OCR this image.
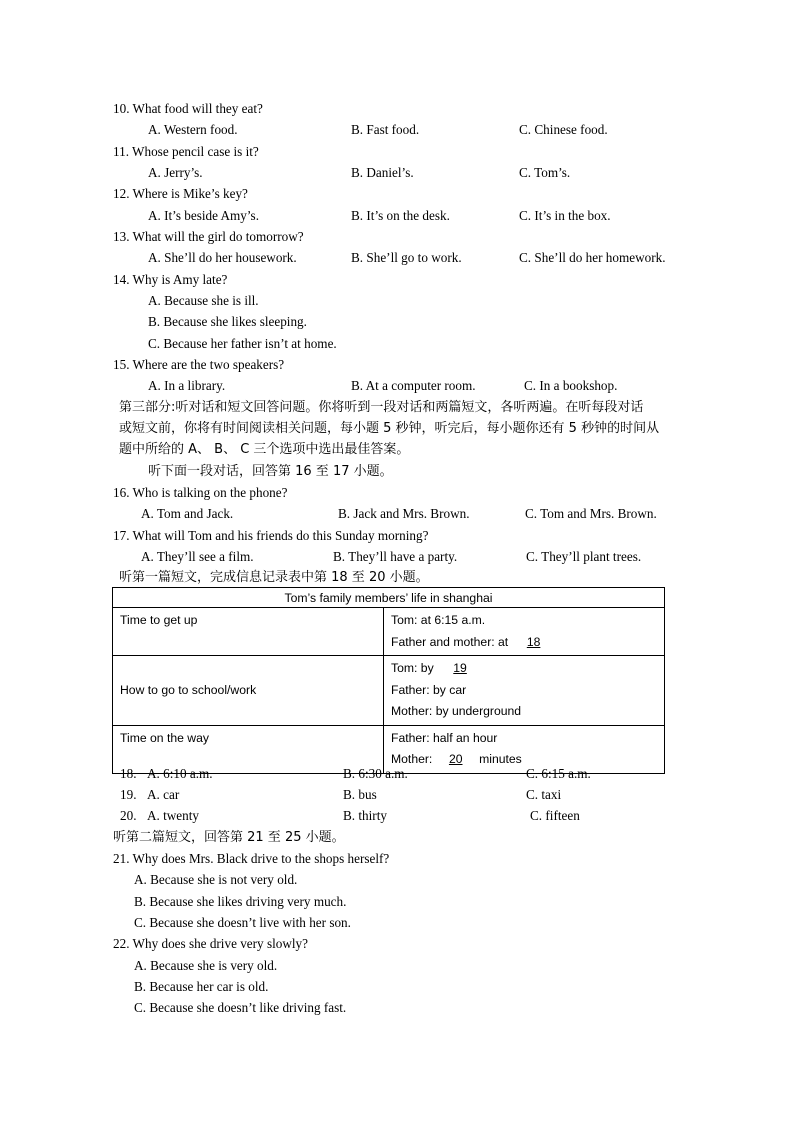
10. What food will they eat?
A. Western food.	B. Fast food.	C. Chinese food.
11. Whose pencil case is it?
A. Jerry’s.	B. Daniel’s.	C. Tom’s.
12. Where is Mike’s key?
A. It’s beside Amy’s.	B. It’s on the desk.	C. It’s in the box.
13. What will the girl do tomorrow?
A. She’ll do her housework.	B. She’ll go to work.	C. She’ll do her homework.
14. Why is Amy late?
A. Because she is ill.
B. Because she likes sleeping.
C. Because her father isn’t at home.
15. Where are the two speakers?
A. In a library.	B. At a computer room.	C. In a bookshop.
第三部分:听对话和短文回答问题。你将听到一段对话和两篇短文，各听两遍。在听每段对话
或短文前，你将有时间阅读相关问题，每小题 5 秒钟，听完后，每小题你还有 5 秒钟的时间从
题中所给的 A、 B、 C 三个选项中选出最佳答案。
听下面一段对话，回答第 16 至 17 小题。
16. Who is talking on the phone?
A. Tom and Jack.	B. Jack and Mrs. Brown.	C. Tom and Mrs. Brown.
17. What will Tom and his friends do this Sunday morning?
A. They’ll see a film.	B. They’ll have a party.	C. They’ll plant trees.
听第一篇短文，完成信息记录表中第 18 至 20 小题。
Tom’s family members’ life in shanghai	

Time to get up	Tom: at 6:15 a.m.
Father and mother: at 18

How to go to school/work	Tom: by 19
Father: by car
Mother: by underground

Time on the way	Father: half an hour
Mother: 20 minutes
18. A. 6:10 a.m.	B. 6:30 a.m.	C. 6:15 a.m.
19. A. car	B. bus	C. taxi
20. A. twenty	B. thirty	C. fifteen
听第二篇短文，回答第 21 至 25 小题。
21. Why does Mrs. Black drive to the shops herself?
A. Because she is not very old.
B. Because she likes driving very much.
C. Because she doesn’t live with her son.
22. Why does she drive very slowly?
A. Because she is very old.
B. Because her car is old.
C. Because she doesn’t like driving fast.
